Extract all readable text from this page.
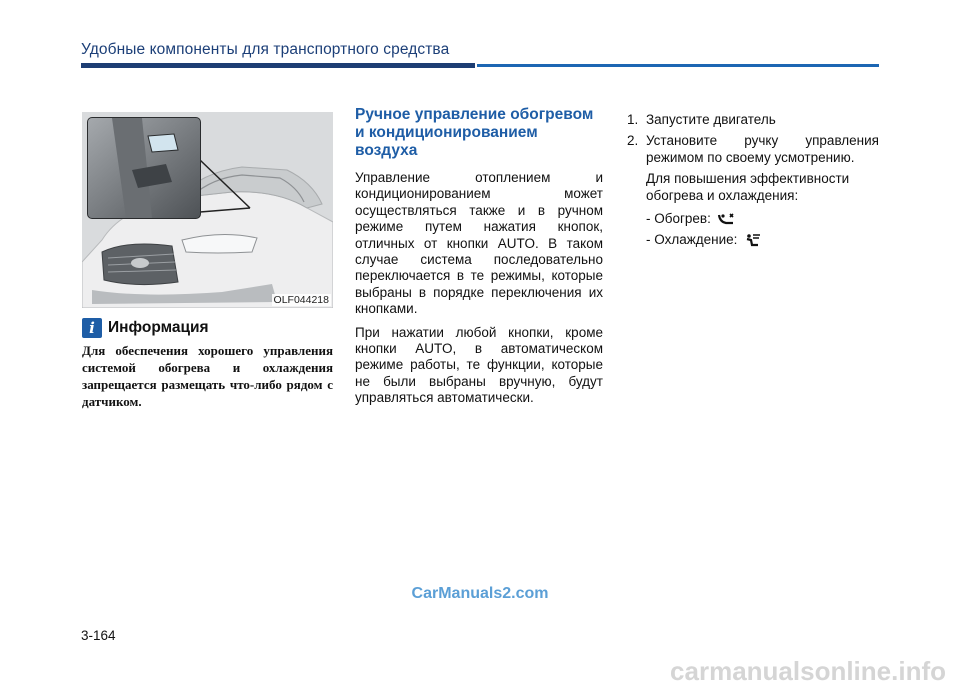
Удобные компоненты для транспортного средства
OLF044218
i Информация
Для обеспечения хорошего управления системой обогрева и охлаждения запрещается размещать что-либо рядом с датчиком.
Ручное управление обогревом и кондиционированием воздуха

Управление отоплением и кондиционированием может осуществляться также и в ручном режиме путем нажатия кнопок, отличных от кнопки AUTO. В таком случае система последовательно переключается в те режимы, которые выбраны в порядке переключения их кнопками.

При нажатии любой кнопки, кроме кнопки AUTO, в автоматическом режиме работы, те функции, которые не были выбраны вручную, будут управляться автоматически.

1. Запустите двигатель
2. Установите ручку управления режимом по своему усмотрению.
Для повышения эффективности обогрева и охлаждения:
- Обогрев:
- Охлаждение:
CarManuals2.com
3-164
carmanualsonline.info
